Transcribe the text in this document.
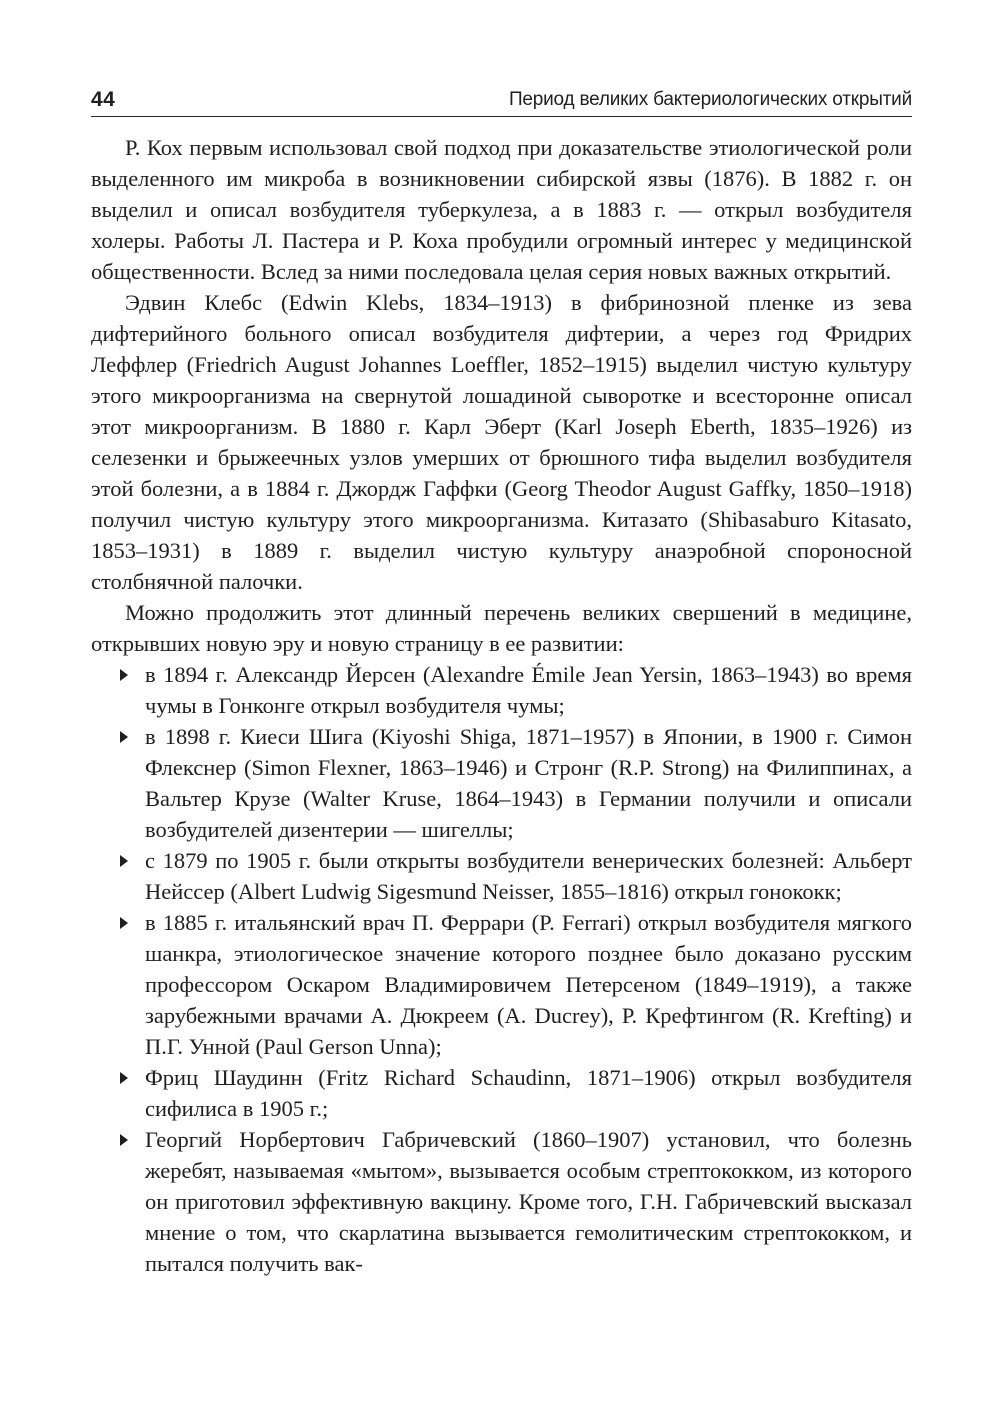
44	Период великих бактериологических открытий

Р. Кох первым использовал свой подход при доказательстве этиологической роли выделенного им микроба в возникновении сибирской язвы (1876). В 1882 г. он выделил и описал возбудителя туберкулеза, а в 1883 г. — открыл возбудителя холеры. Работы Л. Пастера и Р. Коха пробудили огромный интерес у медицинской общественности. Вслед за ними последовала целая серия новых важных открытий.

Эдвин Клебс (Edwin Klebs, 1834–1913) в фибринозной пленке из зева дифтерийного больного описал возбудителя дифтерии, а через год Фридрих Леффлер (Friedrich August Johannes Loeffler, 1852–1915) выделил чистую культуру этого микроорганизма на свернутой лошадиной сыворотке и всесторонне описал этот микроорганизм. В 1880 г. Карл Эберт (Karl Joseph Eberth, 1835–1926) из селезенки и брыжеечных узлов умерших от брюшного тифа выделил возбудителя этой болезни, а в 1884 г. Джордж Гаффки (Georg Theodor August Gaffky, 1850–1918) получил чистую культуру этого микроорганизма. Китазато (Shibasaburo Kitasato, 1853–1931) в 1889 г. выделил чистую культуру анаэробной спороносной столбнячной палочки.

Можно продолжить этот длинный перечень великих свершений в медицине, открывших новую эру и новую страницу в ее развитии:

в 1894 г. Александр Йерсен (Alexandre Émile Jean Yersin, 1863–1943) во время чумы в Гонконге открыл возбудителя чумы;
в 1898 г. Киеси Шига (Kiyoshi Shiga, 1871–1957) в Японии, в 1900 г. Симон Флекснер (Simon Flexner, 1863–1946) и Стронг (R.P. Strong) на Филиппинах, а Вальтер Крузе (Walter Kruse, 1864–1943) в Германии получили и описали возбудителей дизентерии — шигеллы;
с 1879 по 1905 г. были открыты возбудители венерических болезней: Альберт Нейссер (Albert Ludwig Sigesmund Neisser, 1855–1816) открыл гонококк;
в 1885 г. итальянский врач П. Феррари (P. Ferrari) открыл возбудителя мягкого шанкра, этиологическое значение которого позднее было доказано русским профессором Оскаром Владимировичем Петерсеном (1849–1919), а также зарубежными врачами А. Дюкреем (A. Ducrey), Р. Крефтингом (R. Krefting) и П.Г. Унной (Paul Gerson Unna);
Фриц Шаудинн (Fritz Richard Schaudinn, 1871–1906) открыл возбудителя сифилиса в 1905 г.;
Георгий Норбертович Габричевский (1860–1907) установил, что болезнь жеребят, называемая «мытом», вызывается особым стрептококком, из которого он приготовил эффективную вакцину. Кроме того, Г.Н. Габричевский высказал мнение о том, что скарлатина вызывается гемолитическим стрептококком, и пытался получить вак-
